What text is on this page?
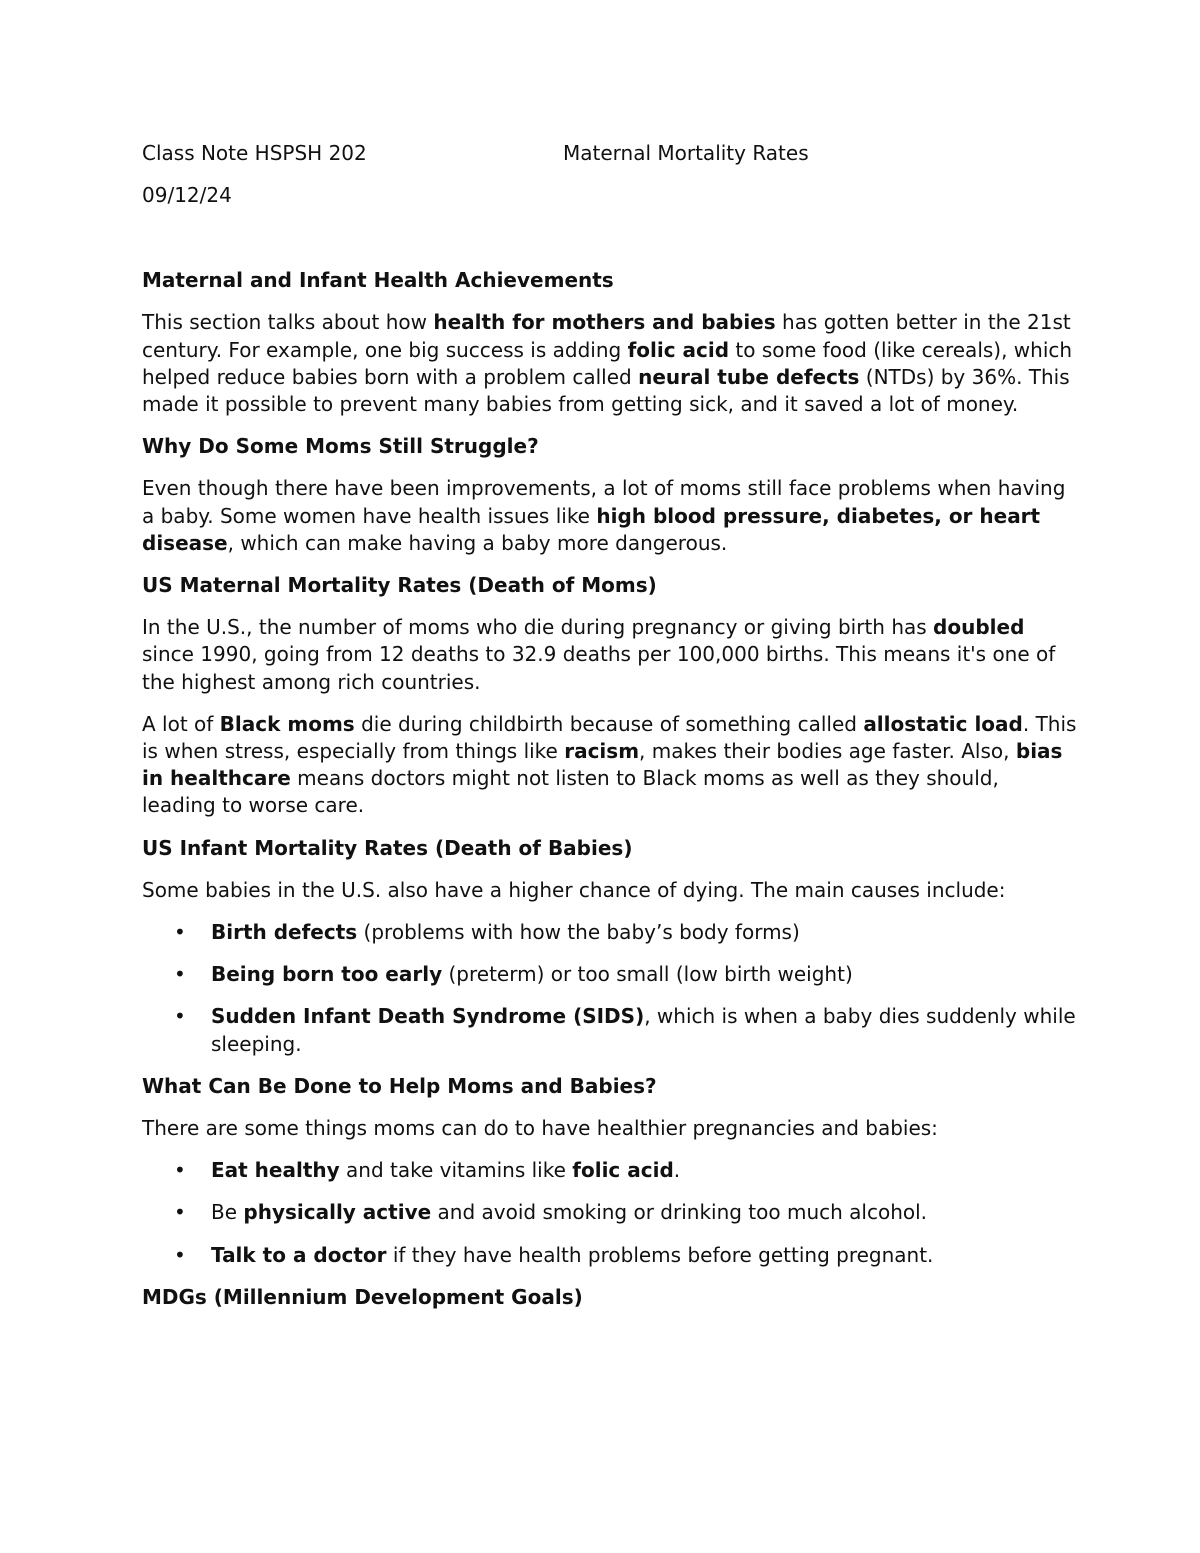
Class Note HSPSH 202	Maternal Mortality Rates
09/12/24
Maternal and Infant Health Achievements

This section talks about how health for mothers and babies has gotten better in the 21st century. For example, one big success is adding folic acid to some food (like cereals), which helped reduce babies born with a problem called neural tube defects (NTDs) by 36%. This made it possible to prevent many babies from getting sick, and it saved a lot of money.

Why Do Some Moms Still Struggle?

Even though there have been improvements, a lot of moms still face problems when having a baby. Some women have health issues like high blood pressure, diabetes, or heart disease, which can make having a baby more dangerous.

US Maternal Mortality Rates (Death of Moms)

In the U.S., the number of moms who die during pregnancy or giving birth has doubled since 1990, going from 12 deaths to 32.9 deaths per 100,000 births. This means it's one of the highest among rich countries.

A lot of Black moms die during childbirth because of something called allostatic load. This is when stress, especially from things like racism, makes their bodies age faster. Also, bias in healthcare means doctors might not listen to Black moms as well as they should, leading to worse care.

US Infant Mortality Rates (Death of Babies)

Some babies in the U.S. also have a higher chance of dying. The main causes include:

• Birth defects (problems with how the baby’s body forms)
• Being born too early (preterm) or too small (low birth weight)
• Sudden Infant Death Syndrome (SIDS), which is when a baby dies suddenly while sleeping.
What Can Be Done to Help Moms and Babies?

There are some things moms can do to have healthier pregnancies and babies:

• Eat healthy and take vitamins like folic acid.
• Be physically active and avoid smoking or drinking too much alcohol.
• Talk to a doctor if they have health problems before getting pregnant.
MDGs (Millennium Development Goals)
